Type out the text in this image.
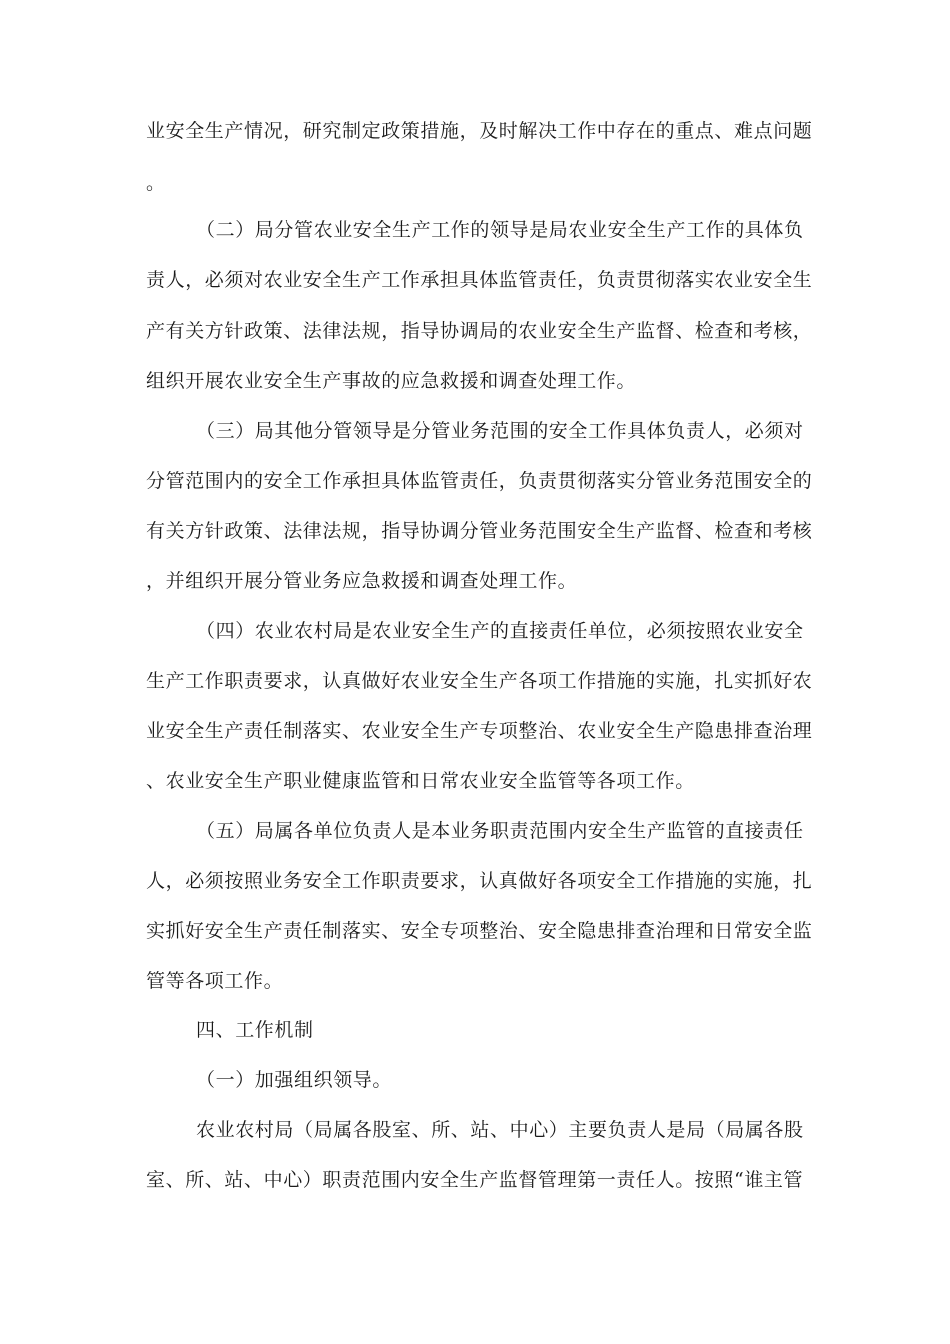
业安全生产情况，研究制定政策措施，及时解决工作中存在的重点、难点问题
。
（二）局分管农业安全生产工作的领导是局农业安全生产工作的具体负
责人，必须对农业安全生产工作承担具体监管责任，负责贯彻落实农业安全生
产有关方针政策、法律法规，指导协调局的农业安全生产监督、检查和考核，
组织开展农业安全生产事故的应急救援和调查处理工作。
（三）局其他分管领导是分管业务范围的安全工作具体负责人，必须对
分管范围内的安全工作承担具体监管责任，负责贯彻落实分管业务范围安全的
有关方针政策、法律法规，指导协调分管业务范围安全生产监督、检查和考核
，并组织开展分管业务应急救援和调查处理工作。
（四）农业农村局是农业安全生产的直接责任单位，必须按照农业安全
生产工作职责要求，认真做好农业安全生产各项工作措施的实施，扎实抓好农
业安全生产责任制落实、农业安全生产专项整治、农业安全生产隐患排查治理
、农业安全生产职业健康监管和日常农业安全监管等各项工作。
（五）局属各单位负责人是本业务职责范围内安全生产监管的直接责任
人，必须按照业务安全工作职责要求，认真做好各项安全工作措施的实施，扎
实抓好安全生产责任制落实、安全专项整治、安全隐患排查治理和日常安全监
管等各项工作。
四、工作机制
（一）加强组织领导。
农业农村局（局属各股室、所、站、中心）主要负责人是局（局属各股
室、所、站、中心）职责范围内安全生产监督管理第一责任人。按照“谁主管
